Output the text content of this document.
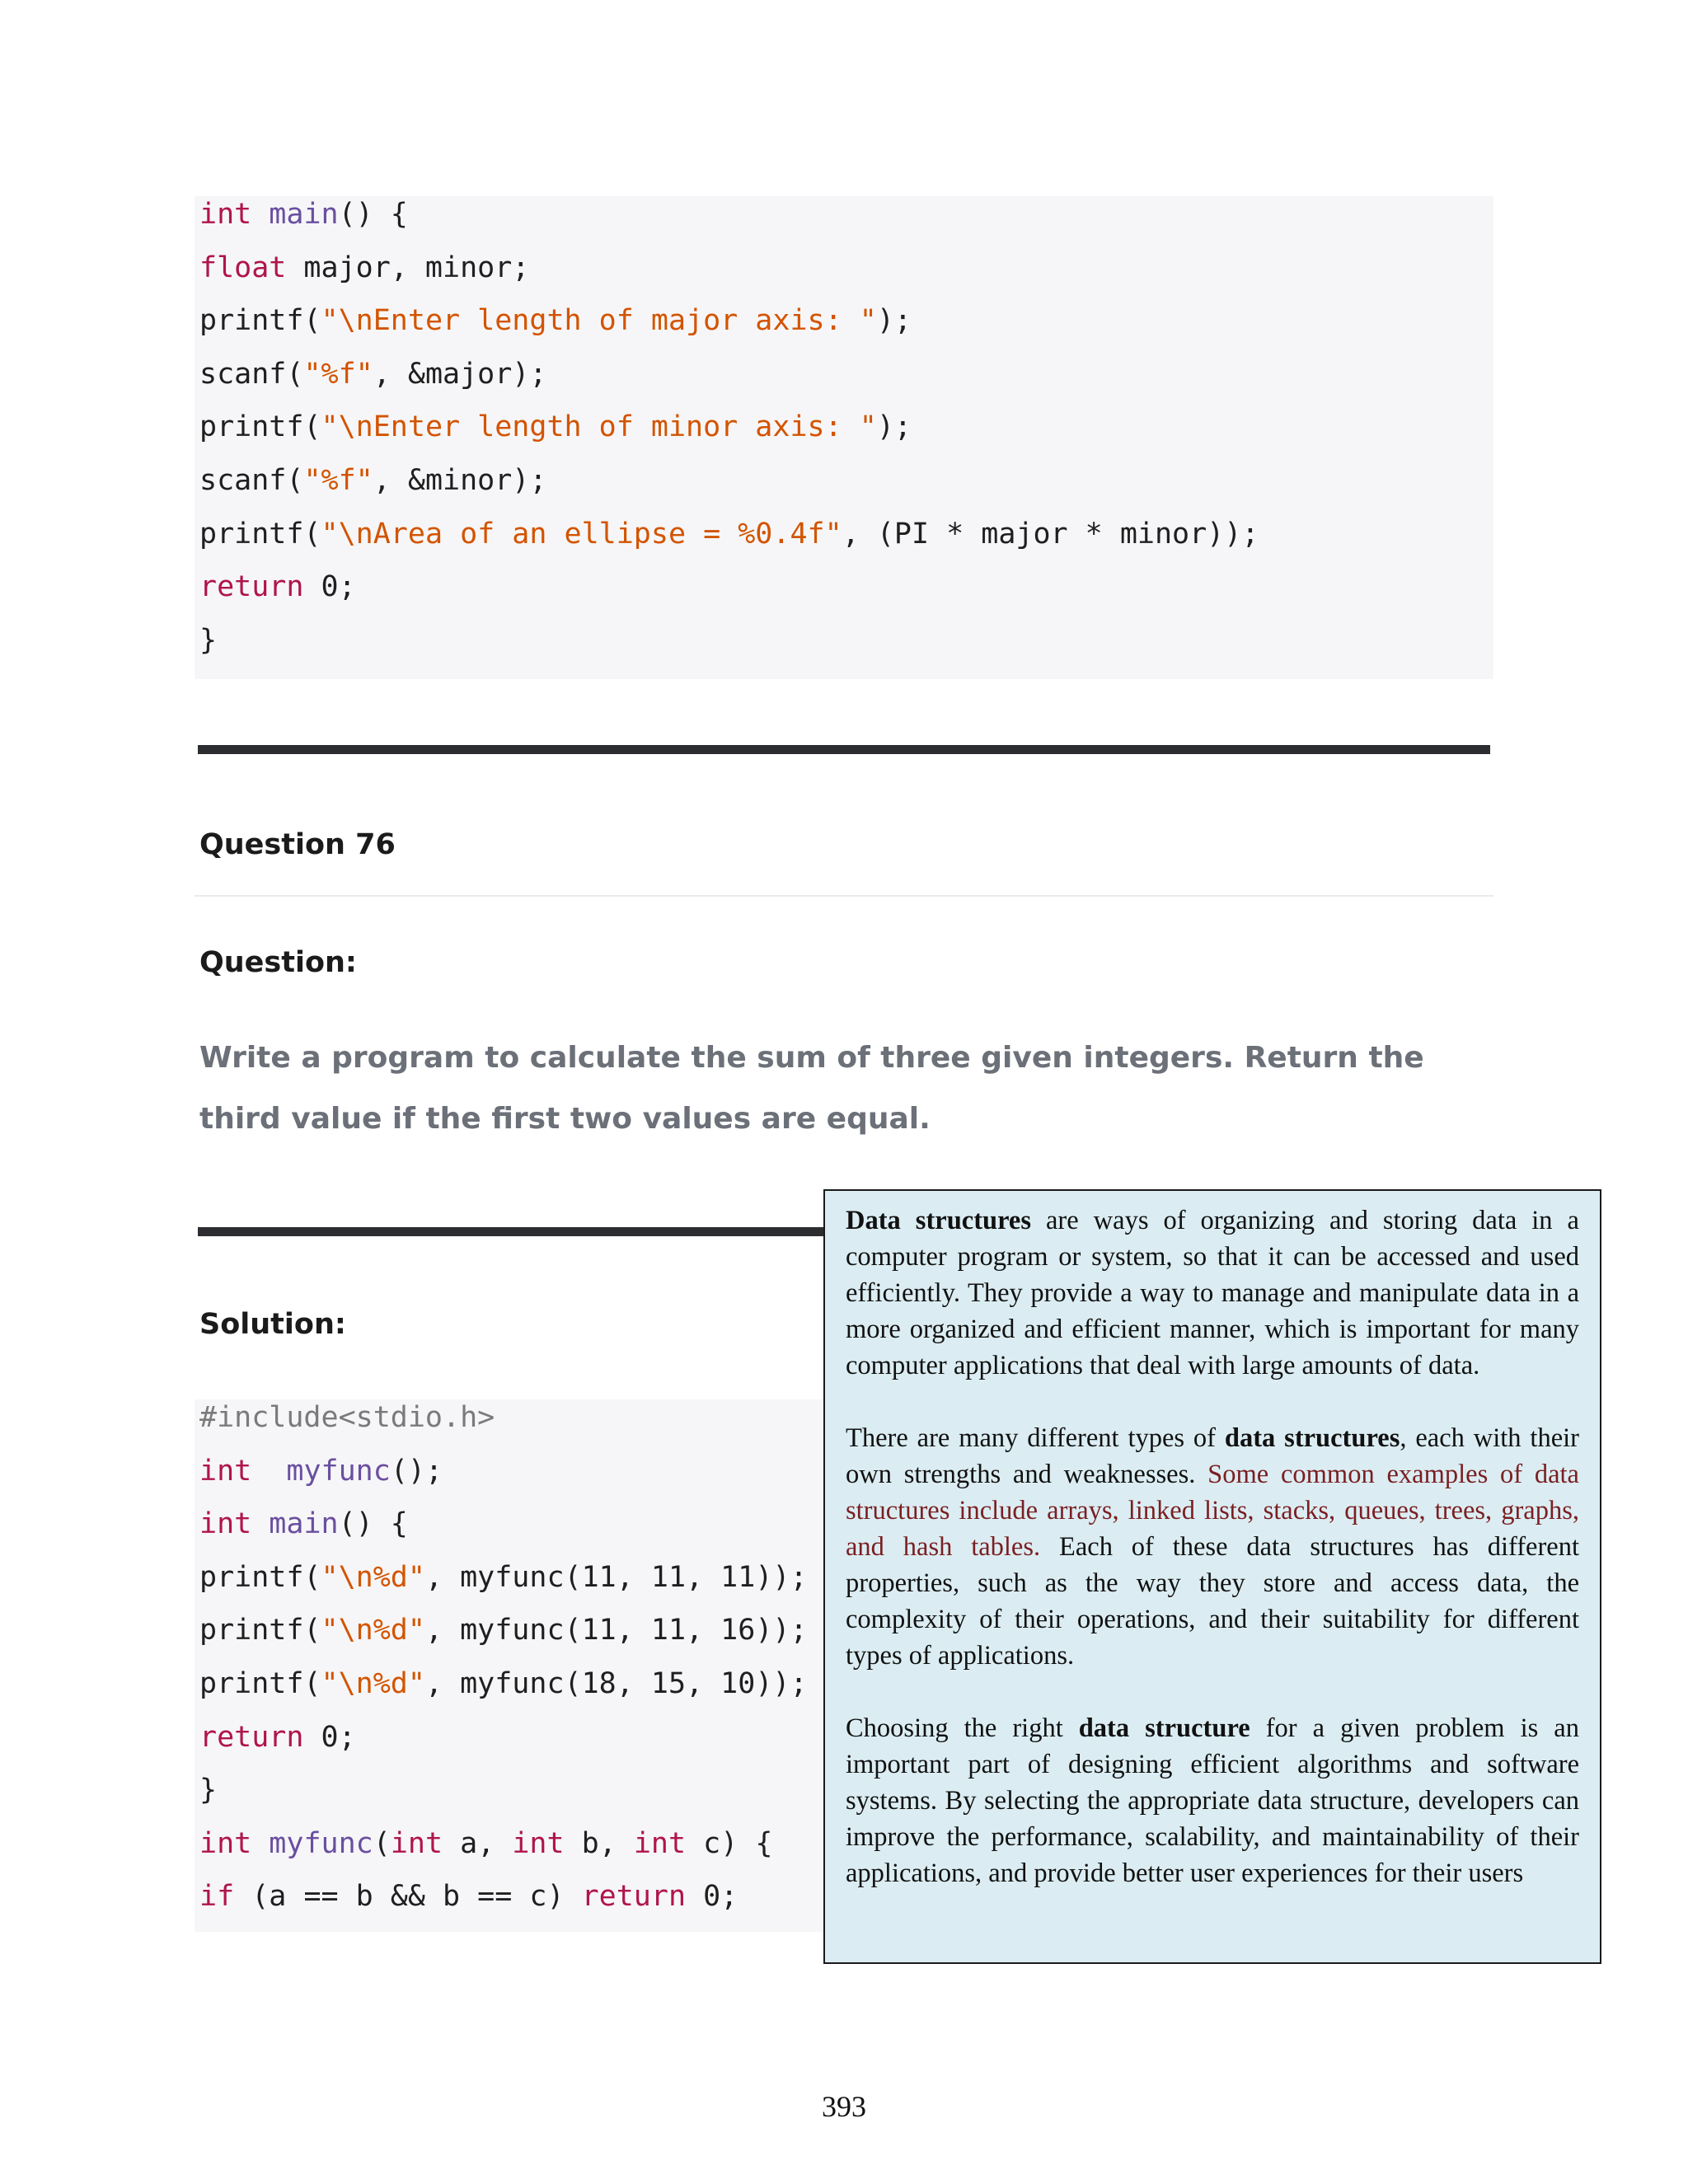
int main() {
float major, minor;
printf("\nEnter length of major axis: ");
scanf("%f", &major);
printf("\nEnter length of minor axis: ");
scanf("%f", &minor);
printf("\nArea of an ellipse = %0.4f", (PI * major * minor));
return 0;
}
Question 76
Question:
Write a program to calculate the sum of three given integers. Return the third value if the first two values are equal.
Solution:
#include<stdio.h>
int myfunc();
int main() {
printf("\n%d", myfunc(11, 11, 11));
printf("\n%d", myfunc(11, 11, 16));
printf("\n%d", myfunc(18, 15, 10));
return 0;
}
int myfunc(int a, int b, int c) {
if (a == b && b == c) return 0;

Data structures are ways of organizing and storing data in a computer program or system, so that it can be accessed and used efficiently. They provide a way to manage and manipulate data in a more organized and efficient manner, which is important for many computer applications that deal with large amounts of data.

There are many different types of data structures, each with their own strengths and weaknesses. Some common examples of data structures include arrays, linked lists, stacks, queues, trees, graphs, and hash tables. Each of these data structures has different properties, such as the way they store and access data, the complexity of their operations, and their suitability for different types of applications.

Choosing the right data structure for a given problem is an important part of designing efficient algorithms and software systems. By selecting the appropriate data structure, developers can improve the performance, scalability, and maintainability of their applications, and provide better user experiences for their users

393
